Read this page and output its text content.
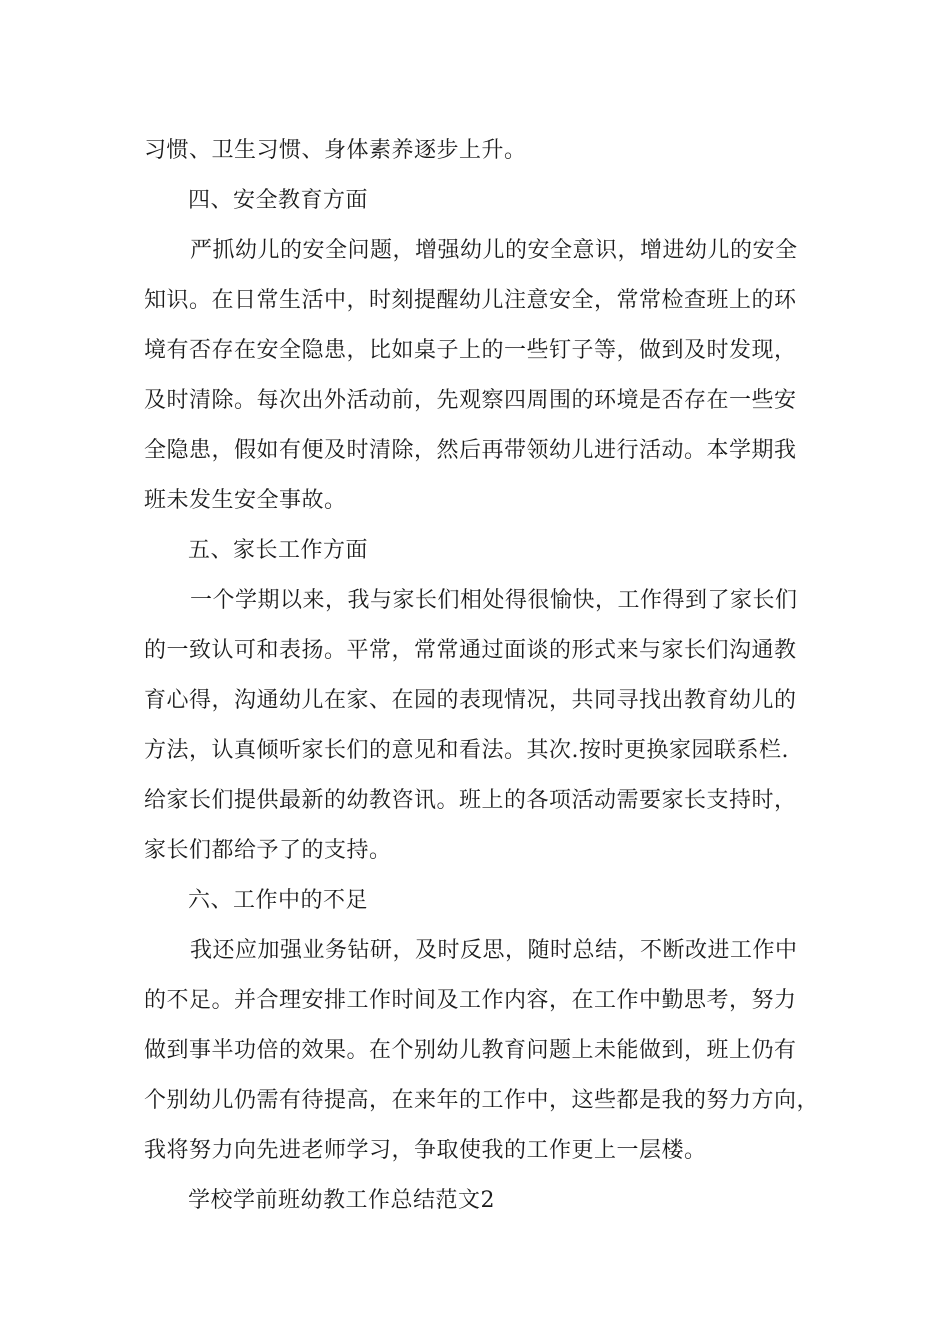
习惯、卫生习惯、身体素养逐步上升。
四、安全教育方面
严抓幼儿的安全问题，增强幼儿的安全意识，增进幼儿的安全
知识。在日常生活中，时刻提醒幼儿注意安全，常常检查班上的环
境有否存在安全隐患，比如桌子上的一些钉子等，做到及时发现，
及时清除。每次出外活动前，先观察四周围的环境是否存在一些安
全隐患，假如有便及时清除，然后再带领幼儿进行活动。本学期我
班未发生安全事故。
五、家长工作方面
一个学期以来，我与家长们相处得很愉快，工作得到了家长们
的一致认可和表扬。平常，常常通过面谈的形式来与家长们沟通教
育心得，沟通幼儿在家、在园的表现情况，共同寻找出教育幼儿的
方法，认真倾听家长们的意见和看法。其次.按时更换家园联系栏.
给家长们提供最新的幼教咨讯。班上的各项活动需要家长支持时，
家长们都给予了的支持。
六、工作中的不足
我还应加强业务钻研，及时反思，随时总结，不断改进工作中
的不足。并合理安排工作时间及工作内容，在工作中勤思考，努力
做到事半功倍的效果。在个别幼儿教育问题上未能做到，班上仍有
个别幼儿仍需有待提高，在来年的工作中，这些都是我的努力方向，
我将努力向先进老师学习，争取使我的工作更上一层楼。
学校学前班幼教工作总结范文2
